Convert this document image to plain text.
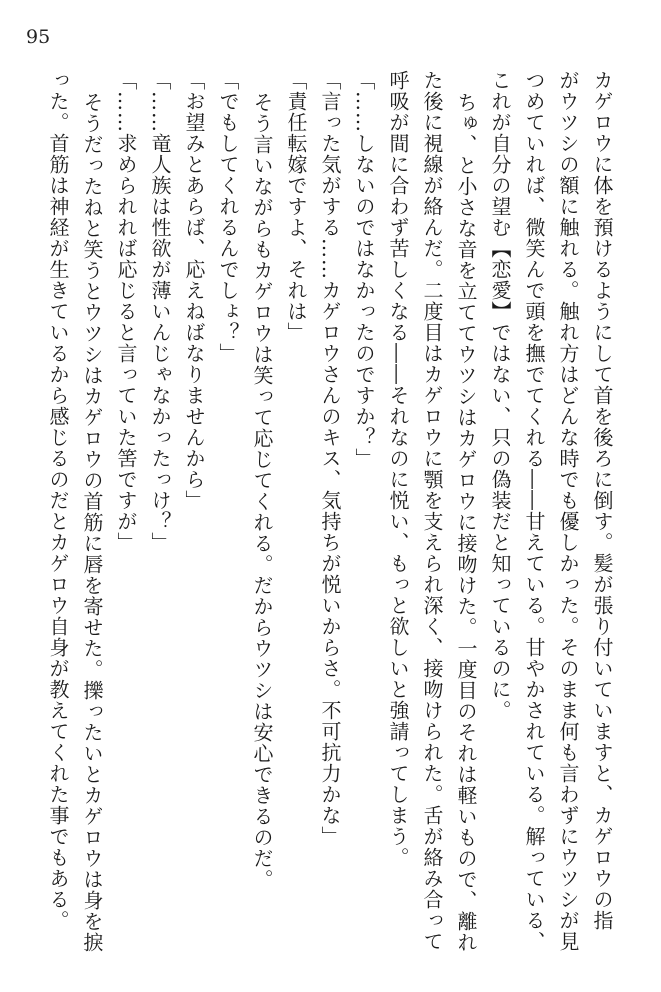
95
カゲロウに体を預けるようにして首を後ろに倒す。髪が張り付いていますと、カゲロウの指
がウツシの額に触れる。触れ方はどんな時でも優しかった。そのまま何も言わずにウツシが見
つめていれば、微笑んで頭を撫でてくれる――甘えている。甘やかされている。解っている、
これが自分の望む【恋愛】ではない、只の偽装だと知っているのに。
ちゅ、と小さな音を立ててウツシはカゲロウに接吻けた。一度目のそれは軽いもので、離れ
た後に視線が絡んだ。二度目はカゲロウに顎を支えられ深く、接吻けられた。舌が絡み合って
呼吸が間に合わず苦しくなる――それなのに悦い、もっと欲しいと強請ってしまう。
「……しないのではなかったのですか？」
「言った気がする……カゲロウさんのキス、気持ちが悦いからさ。不可抗力かな」
「責任転嫁ですよ、それは」
そう言いながらもカゲロウは笑って応じてくれる。だからウツシは安心できるのだ。
「でもしてくれるんでしょ？」
「お望みとあらば、応えねばなりませんから」
「……竜人族は性欲が薄いんじゃなかったっけ？」
「……求められれば応じると言っていた筈ですが」
そうだったねと笑うとウツシはカゲロウの首筋に唇を寄せた。擽ったいとカゲロウは身を捩
った。首筋は神経が生きているから感じるのだとカゲロウ自身が教えてくれた事でもある。
